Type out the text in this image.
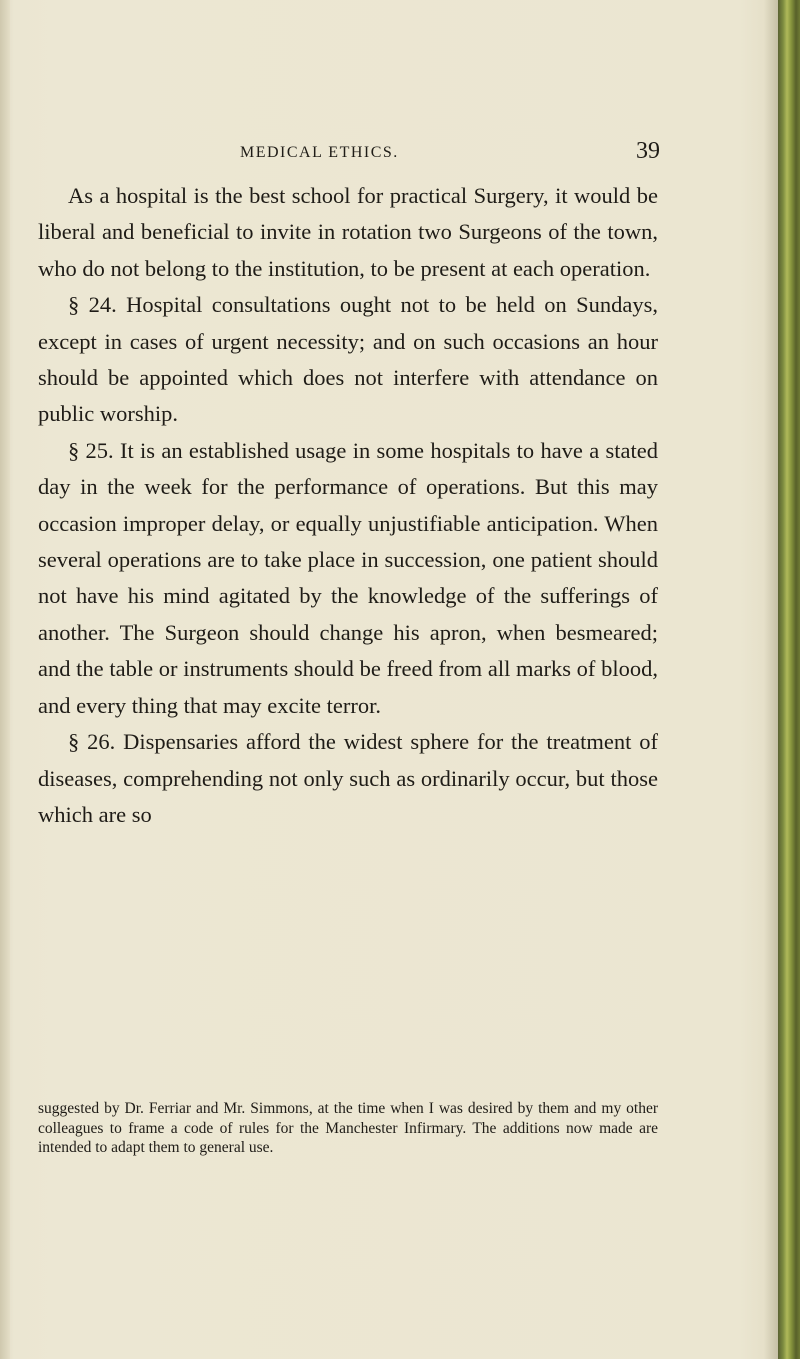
MEDICAL ETHICS.	39

As a hospital is the best school for practical Surgery, it would be liberal and beneficial to invite in rotation two Surgeons of the town, who do not belong to the institution, to be present at each operation.

§ 24. Hospital consultations ought not to be held on Sundays, except in cases of urgent necessity; and on such occasions an hour should be appointed which does not interfere with attendance on public worship.

§ 25. It is an established usage in some hospitals to have a stated day in the week for the performance of operations. But this may occasion improper delay, or equally unjustifiable anticipation. When several operations are to take place in succession, one patient should not have his mind agitated by the knowledge of the sufferings of another. The Surgeon should change his apron, when besmeared; and the table or instruments should be freed from all marks of blood, and every thing that may excite terror.

§ 26. Dispensaries afford the widest sphere for the treatment of diseases, comprehending not only such as ordinarily occur, but those which are so

suggested by Dr. Ferriar and Mr. Simmons, at the time when I was desired by them and my other colleagues to frame a code of rules for the Manchester Infirmary. The additions now made are intended to adapt them to general use.
